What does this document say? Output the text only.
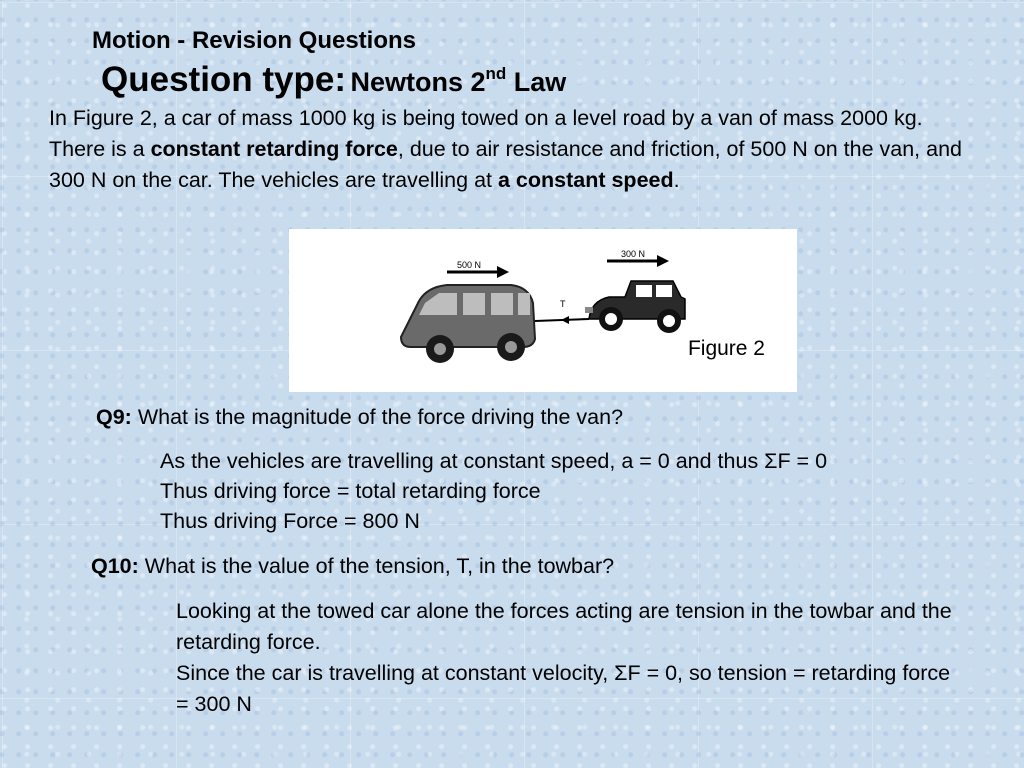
Motion - Revision Questions
Question type: Newtons 2nd Law
In Figure 2, a car of mass 1000 kg is being towed on a level road by a van of mass 2000 kg. There is a constant retarding force, due to air resistance and friction, of 500 N on the van, and 300 N on the car. The vehicles are travelling at a constant speed.
500 N
300 N
T
Figure 2
Q9: What is the magnitude of the force driving the van?
As the vehicles are travelling at constant speed, a = 0 and thus ΣF = 0
Thus driving force = total retarding force
Thus driving Force = 800 N
Q10: What is the value of the tension, T, in the towbar?
Looking at the towed car alone the forces acting are tension in the towbar and the retarding force.
Since the car is travelling at constant velocity, ΣF = 0, so tension = retarding force = 300 N
